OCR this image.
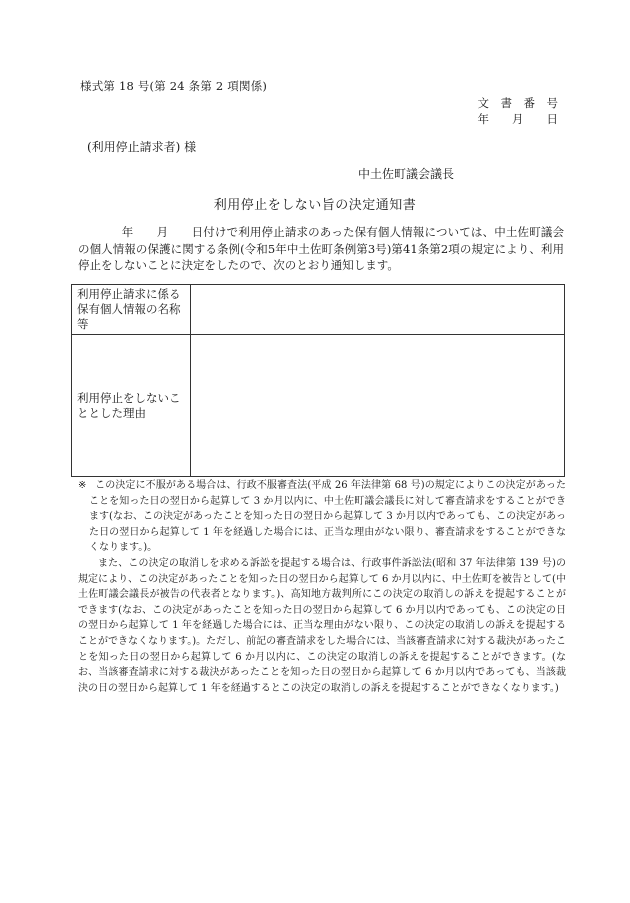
様式第 18 号(第 24 条第 2 項関係)
文　書　番　号
年　　月　　日
(利用停止請求者) 様
中土佐町議会議長
利用停止をしない旨の決定通知書

年　　月　　日付けで利用停止請求のあった保有個人情報については、中土佐町議会の個人情報の保護に関する条例(令和5年中土佐町条例第3号)第41条第2項の規定により、利用停止をしないことに決定をしたので、次のとおり通知します。

利用停止請求に係る保有個人情報の名称等	
利用停止をしないこととした理由	

※ この決定に不服がある場合は、行政不服審査法(平成 26 年法律第 68 号)の規定によりこの決定があったことを知った日の翌日から起算して 3 か月以内に、中土佐町議会議長に対して審査請求をすることができます(なお、この決定があったことを知った日の翌日から起算して 3 か月以内であっても、この決定があった日の翌日から起算して 1 年を経過した場合には、正当な理由がない限り、審査請求をすることができなくなります。)。

また、この決定の取消しを求める訴訟を提起する場合は、行政事件訴訟法(昭和 37 年法律第 139 号)の規定により、この決定があったことを知った日の翌日から起算して 6 か月以内に、中土佐町を被告として(中土佐町議会議長が被告の代表者となります。)、高知地方裁判所にこの決定の取消しの訴えを提起することができます(なお、この決定があったことを知った日の翌日から起算して 6 か月以内であっても、この決定の日の翌日から起算して 1 年を経過した場合には、正当な理由がない限り、この決定の取消しの訴えを提起することができなくなります。)。ただし、前記の審査請求をした場合には、当該審査請求に対する裁決があったことを知った日の翌日から起算して 6 か月以内に、この決定の取消しの訴えを提起することができます。(なお、当該審査請求に対する裁決があったことを知った日の翌日から起算して 6 か月以内であっても、当該裁決の日の翌日から起算して 1 年を経過するとこの決定の取消しの訴えを提起することができなくなります。)
